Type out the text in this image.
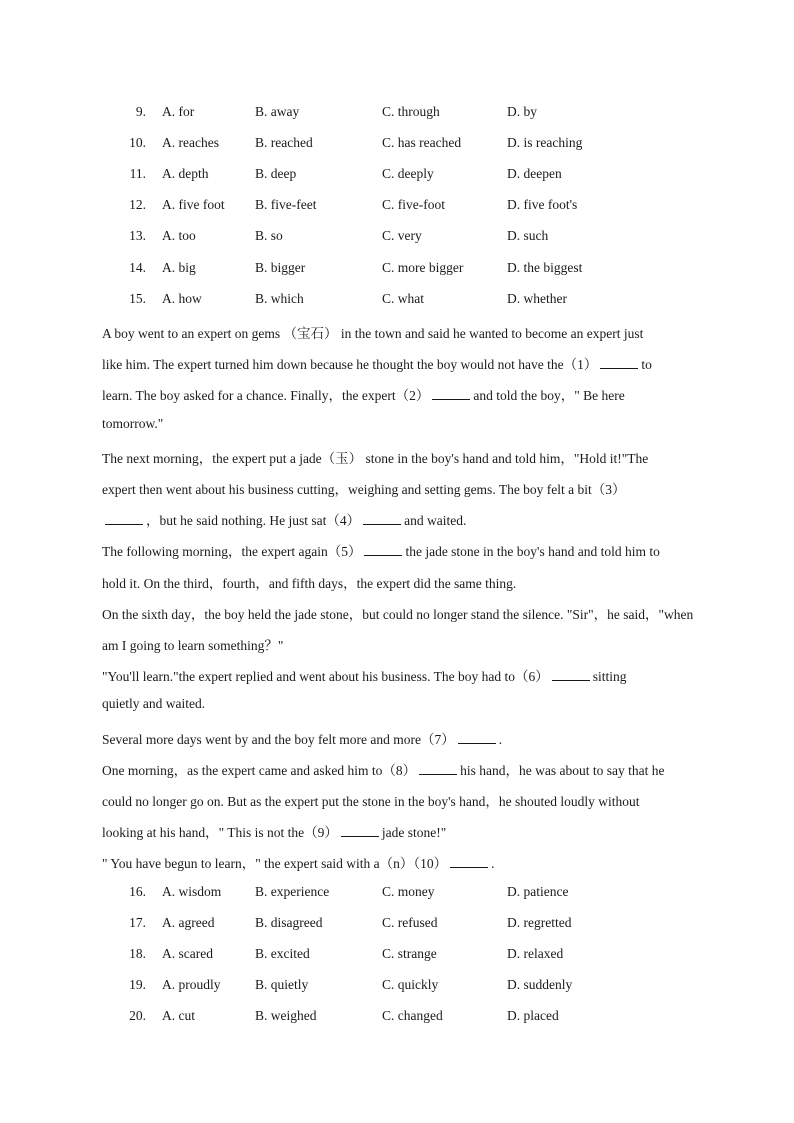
9. A. for	B. away	C. through	D. by
10. A. reaches	B. reached	C. has reached	D. is reaching
11. A. depth	B. deep	C. deeply	D. deepen
12. A. five foot B. five-feet	C. five-foot	D. five foot's
13. A. too	B. so	C. very	D. such
14. A. big	B. bigger	C. more bigger	D. the biggest
15. A. how	B. which	C. what	D. whether
A boy went to an expert on gems （宝石） in the town and said he wanted to become an expert just
like him. The expert turned him down because he thought the boy would not have the（1）	to
learn. The boy asked for a chance. Finally，the expert（2）	and told the boy，" Be here
tomorrow."
The next morning，the expert put a jade（玉） stone in the boy's hand and told him，"Hold it!"The
expert then went about his business cutting，weighing and setting gems. The boy felt a bit（3）
，but he said nothing. He just sat（4）	and waited.
The following morning，the expert again（5）	the jade stone in the boy's hand and told him to
hold it. On the third，fourth，and fifth days，the expert did the same thing.
On the sixth day，the boy held the jade stone，but could no longer stand the silence. "Sir"，he said，"when
am I going to learn something？"
"You'll learn."the expert replied and went about his business. The boy had to（6）	sitting
quietly and waited.
Several more days went by and the boy felt more and more（7）	.
One morning，as the expert came and asked him to（8）	his hand，he was about to say that he
could no longer go on. But as the expert put the stone in the boy's hand，he shouted loudly without
looking at his hand，" This is not the（9）	jade stone!"
" You have begun to learn，" the expert said with a（n）（10）	.
16. A. wisdom B. experience	C. money	D. patience
17. A. agreed	B. disagreed	C. refused	D. regretted
18. A. scared	B. excited	C. strange	D. relaxed
19. A. proudly	B. quietly	C. quickly	D. suddenly
20. A. cut	B. weighed	C. changed	D. placed
